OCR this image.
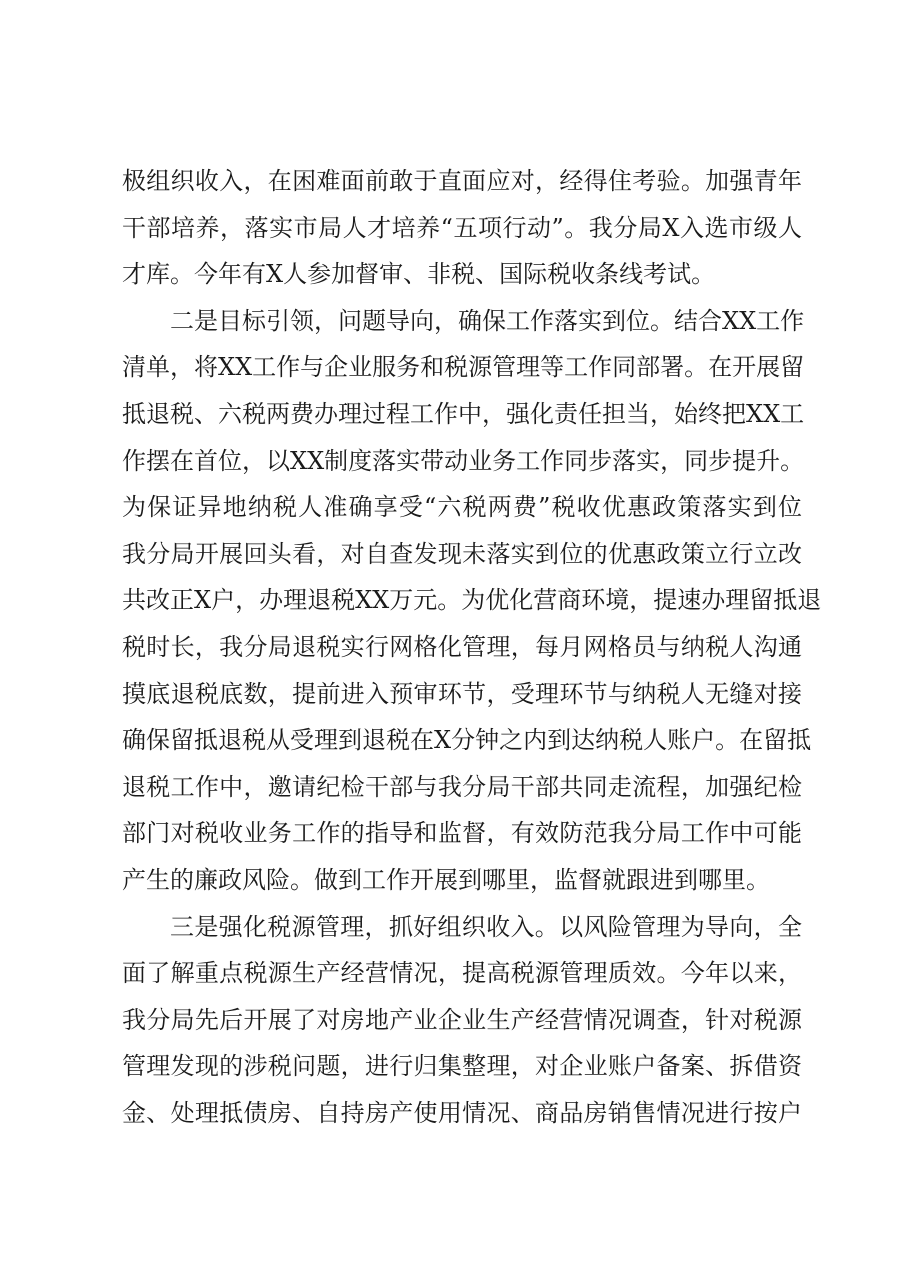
极组织收入，在困难面前敢于直面应对，经得住考验。加强青年
干部培养，落实市局人才培养“五项行动”。我分局X入选市级人
才库。今年有X人参加督审、非税、国际税收条线考试。
二是目标引领，问题导向，确保工作落实到位。结合XX工作
清单，将XX工作与企业服务和税源管理等工作同部署。在开展留
抵退税、六税两费办理过程工作中，强化责任担当，始终把XX工
作摆在首位，以XX制度落实带动业务工作同步落实，同步提升。
为保证异地纳税人准确享受“六税两费”税收优惠政策落实到位
我分局开展回头看，对自查发现未落实到位的优惠政策立行立改
共改正X户，办理退税XX万元。为优化营商环境，提速办理留抵退
税时长，我分局退税实行网格化管理，每月网格员与纳税人沟通
摸底退税底数，提前进入预审环节，受理环节与纳税人无缝对接
确保留抵退税从受理到退税在X分钟之内到达纳税人账户。在留抵
退税工作中，邀请纪检干部与我分局干部共同走流程，加强纪检
部门对税收业务工作的指导和监督，有效防范我分局工作中可能
产生的廉政风险。做到工作开展到哪里，监督就跟进到哪里。
三是强化税源管理，抓好组织收入。以风险管理为导向，全
面了解重点税源生产经营情况，提高税源管理质效。今年以来，
我分局先后开展了对房地产业企业生产经营情况调查，针对税源
管理发现的涉税问题，进行归集整理，对企业账户备案、拆借资
金、处理抵债房、自持房产使用情况、商品房销售情况进行按户
